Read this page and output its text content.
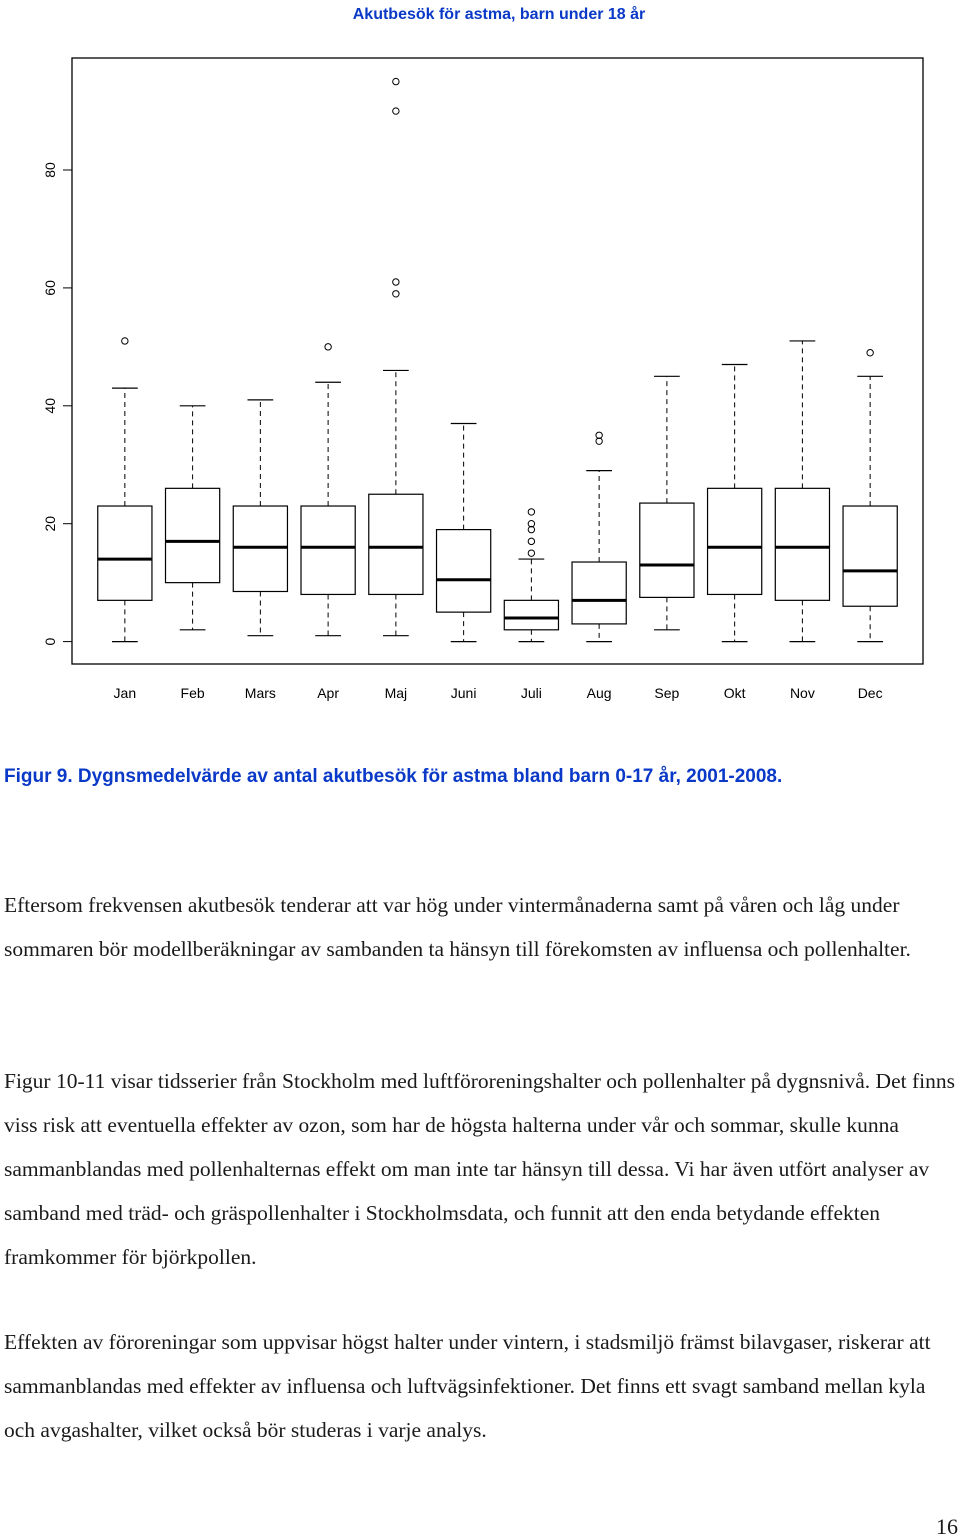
Akutbesök för astma, barn under 18 år
0
20
40
60
80
Jan	Feb	Mars	Apr	Maj	Juni	Juli	Aug	Sep	Okt	Nov	Dec
Figur 9. Dygnsmedelvärde av antal akutbesök för astma bland barn 0-17 år, 2001-2008.

Eftersom frekvensen akutbesök tenderar att var hög under vintermånaderna samt på våren och låg under sommaren bör modellberäkningar av sambanden ta hänsyn till förekomsten av influensa och pollenhalter.

Figur 10-11 visar tidsserier från Stockholm med luftföroreningshalter och pollenhalter på dygnsnivå. Det finns viss risk att eventuella effekter av ozon, som har de högsta halterna under vår och sommar, skulle kunna sammanblandas med pollenhalternas effekt om man inte tar hänsyn till dessa. Vi har även utfört analyser av samband med träd- och gräspollenhalter i Stockholmsdata, och funnit att den enda betydande effekten framkommer för björkpollen.

Effekten av föroreningar som uppvisar högst halter under vintern, i stadsmiljö främst bilavgaser, riskerar att sammanblandas med effekter av influensa och luftvägsinfektioner. Det finns ett svagt samband mellan kyla och avgashalter, vilket också bör studeras i varje analys.

16
